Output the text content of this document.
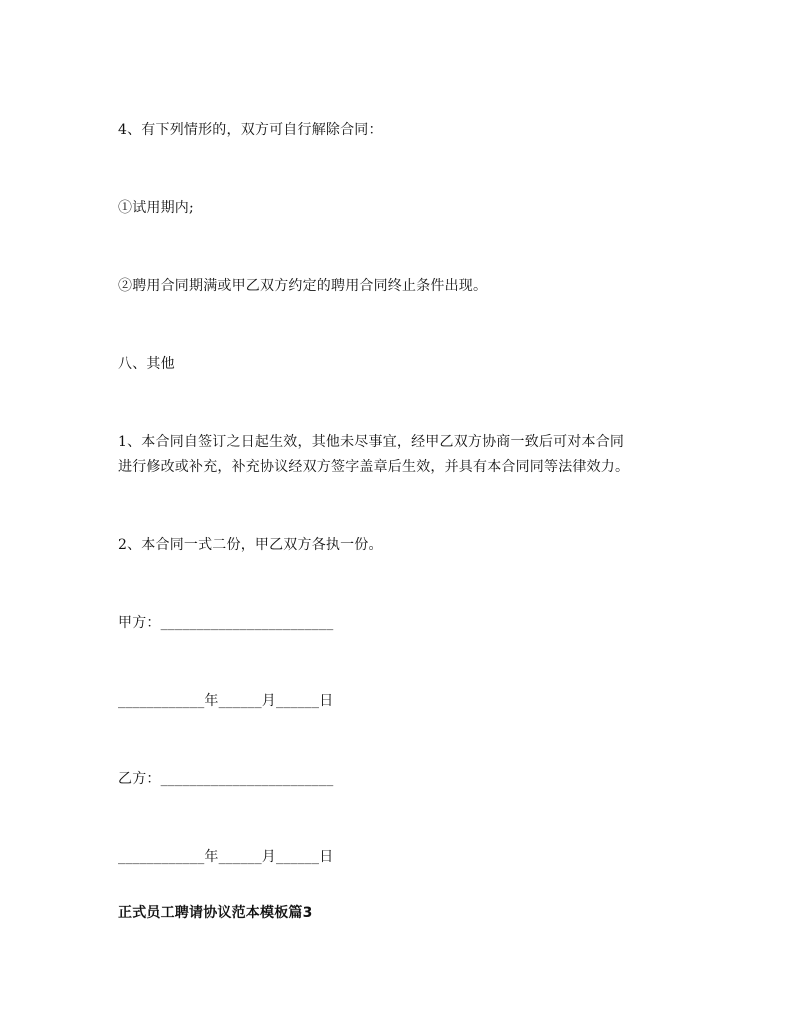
4、有下列情形的，双方可自行解除合同：
①试用期内;
②聘用合同期满或甲乙双方约定的聘用合同终止条件出现。
八、其他
1、本合同自签订之日起生效，其他未尽事宜，经甲乙双方协商一致后可对本合同
进行修改或补充，补充协议经双方签字盖章后生效，并具有本合同同等法律效力。
2、本合同一式二份，甲乙双方各执一份。
甲方：________________________
____________年______月______日
乙方：________________________
____________年______月______日
正式员工聘请协议范本模板篇3
